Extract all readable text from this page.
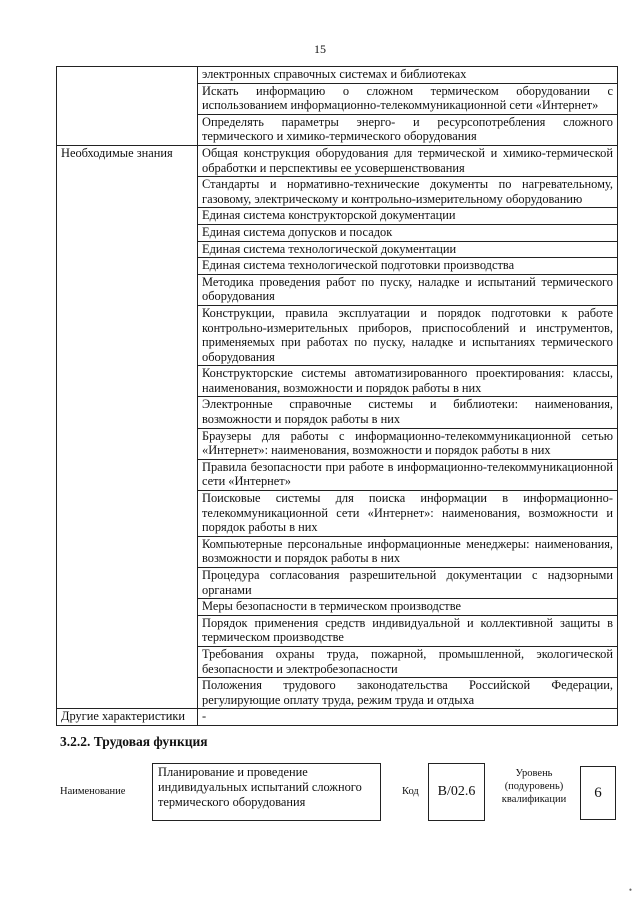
15
	электронных справочных системах и библиотеках
	Искать информацию о сложном термическом оборудовании с использованием информационно-телекоммуникационной сети «Интернет»
	Определять параметры энерго- и ресурсопотребления сложного термического и химико-термического оборудования
Необходимые знания	Общая конструкция оборудования для термической и химико-термической обработки и перспективы ее усовершенствования
	Стандарты и нормативно-технические документы по нагревательному, газовому, электрическому и контрольно-измерительному оборудованию
	Единая система конструкторской документации
	Единая система допусков и посадок
	Единая система технологической документации
	Единая система технологической подготовки производства
	Методика проведения работ по пуску, наладке и испытаний термического оборудования
	Конструкции, правила эксплуатации и порядок подготовки к работе контрольно-измерительных приборов, приспособлений и инструментов, применяемых при работах по пуску, наладке и испытаниях термического оборудования
	Конструкторские системы автоматизированного проектирования: классы, наименования, возможности и порядок работы в них
	Электронные справочные системы и библиотеки: наименования, возможности и порядок работы в них
	Браузеры для работы с информационно-телекоммуникационной сетью «Интернет»: наименования, возможности и порядок работы в них
	Правила безопасности при работе в информационно-телекоммуникационной сети «Интернет»
	Поисковые системы для поиска информации в информационно-телекоммуникационной сети «Интернет»: наименования, возможности и порядок работы в них
	Компьютерные персональные информационные менеджеры: наименования, возможности и порядок работы в них
	Процедура согласования разрешительной документации с надзорными органами
	Меры безопасности в термическом производстве
	Порядок применения средств индивидуальной и коллективной защиты в термическом производстве
	Требования охраны труда, пожарной, промышленной, экологической безопасности и электробезопасности
	Положения трудового законодательства Российской Федерации, регулирующие оплату труда, режим труда и отдыха
Другие характеристики	-
3.2.2. Трудовая функция
Наименование
Планирование и проведение индивидуальных испытаний сложного термического оборудования
Код	B/02.6
Уровень (подуровень) квалификации	6
•
